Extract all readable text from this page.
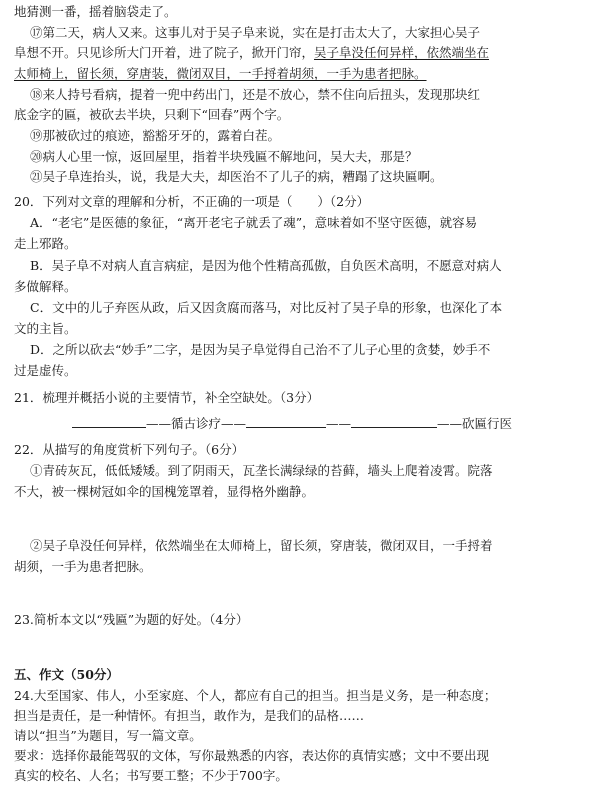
地猜测一番，摇着脑袋走了。
⑰第二天，病人又来。这事儿对于吴子阜来说，实在是打击太大了，大家担心吴子
阜想不开。只见诊所大门开着，进了院子，掀开门帘，吴子阜没任何异样，依然端坐在
太师椅上，留长须，穿唐装，微闭双目，一手捋着胡须，一手为患者把脉。
⑱来人持号看病，提着一兜中药出门，还是不放心，禁不住向后扭头，发现那块红
底金字的匾，被砍去半块，只剩下“回春”两个字。
⑲那被砍过的痕迹，豁豁牙牙的，露着白茬。
⑳病人心里一惊，返回屋里，指着半块残匾不解地问，吴大夫，那是？
㉑吴子阜连抬头，说，我是大夫，却医治不了儿子的病，糟蹋了这块匾啊。
20．下列对文章的理解和分析，不正确的一项是（　　）（2分）
A．“老宅”是医德的象征，“离开老宅子就丢了魂”，意味着如不坚守医德，就容易
走上邪路。
B．吴子阜不对病人直言病症，是因为他个性精高孤傲，自负医术高明，不愿意对病人
多做解释。
C．文中的儿子弃医从政，后又因贪腐而落马，对比反衬了吴子阜的形象，也深化了本
文的主旨。
D．之所以砍去“妙手”二字，是因为吴子阜觉得自己治不了儿子心里的贪婪，妙手不
过是虚传。
21．梳理并概括小说的主要情节，补全空缺处。（3分）
——循古诊疗——	——	——砍匾行医
22．从描写的角度赏析下列句子。（6分）
①青砖灰瓦，低低矮矮。到了阴雨天，瓦垄长满绿绿的苔藓，墙头上爬着凌霄。院落
不大，被一棵树冠如伞的国槐笼罩着，显得格外幽静。
②吴子阜没任何异样，依然端坐在太师椅上，留长须，穿唐装，微闭双目，一手捋着
胡须，一手为患者把脉。
23.简析本文以“残匾”为题的好处。（4分）
五、作文（50分）
24.大至国家、伟人，小至家庭、个人，都应有自己的担当。担当是义务，是一种态度；
担当是责任，是一种情怀。有担当，敢作为，是我们的品格……
请以“担当”为题目，写一篇文章。
要求：选择你最能驾驭的文体，写你最熟悉的内容，表达你的真情实感；文中不要出现
真实的校名、人名；书写要工整；不少于700字。
